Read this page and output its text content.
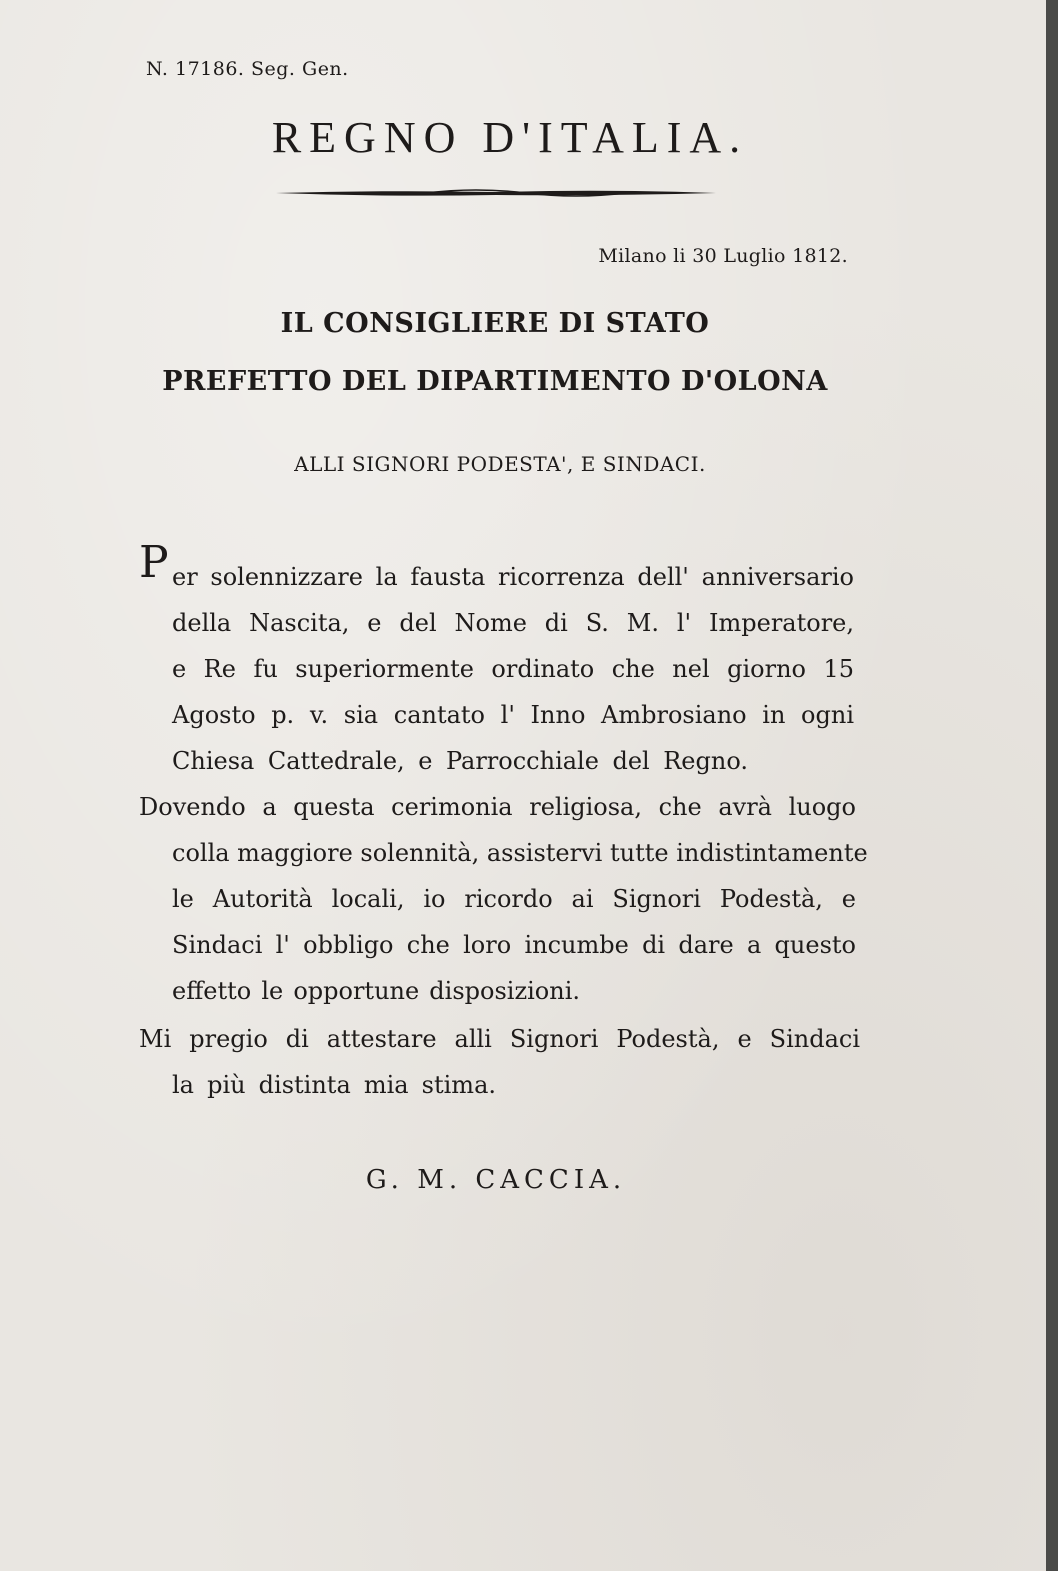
N. 17186. Seg. Gen.
REGNO D'ITALIA.
Milano li 30 Luglio 1812.
IL CONSIGLIERE DI STATO
PREFETTO DEL DIPARTIMENTO D'OLONA
ALLI SIGNORI PODESTA', E SINDACI.
P er solennizzare la fausta ricorrenza dell' anniversario
della Nascita, e del Nome di S. M. l' Imperatore,
e Re fu superiormente ordinato che nel giorno 15
Agosto p. v. sia cantato l' Inno Ambrosiano in ogni
Chiesa Cattedrale, e Parrocchiale del Regno.
Dovendo a questa cerimonia religiosa, che avrà luogo
colla maggiore solennità, assistervi tutte indistintamente
le Autorità locali, io ricordo ai Signori Podestà, e
Sindaci l' obbligo che loro incumbe di dare a questo
effetto le opportune disposizioni.
Mi pregio di attestare alli Signori Podestà, e Sindaci
la più distinta mia stima.
G. M. CACCIA.
